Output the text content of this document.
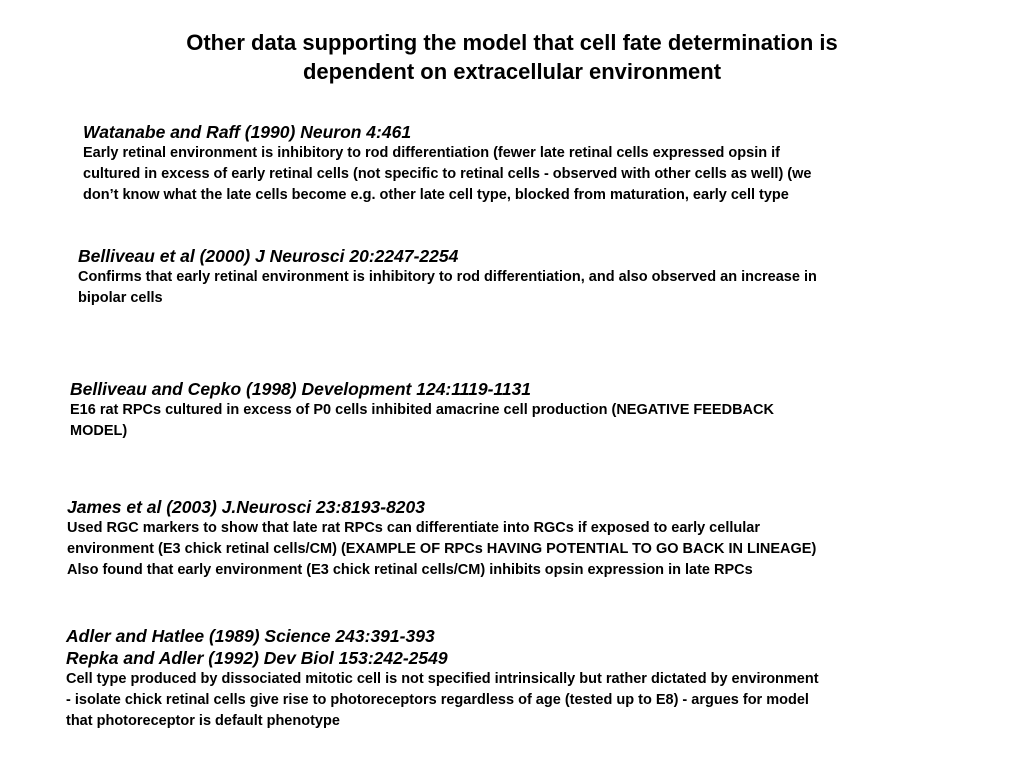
Other data supporting the model that cell fate determination is
dependent on extracellular environment
Watanabe and Raff (1990) Neuron 4:461
Early retinal environment is inhibitory to rod differentiation (fewer late retinal cells expressed opsin if
cultured in excess of early retinal cells (not specific to retinal cells - observed with other cells as well) (we
don’t know what the late cells become e.g. other late cell type, blocked from maturation, early cell type
Belliveau et al (2000) J Neurosci 20:2247-2254
Confirms that early retinal environment is inhibitory to rod differentiation, and also observed an increase in
bipolar cells
Belliveau and Cepko (1998) Development 124:1119-1131
E16 rat RPCs cultured in excess of P0 cells inhibited amacrine cell production (NEGATIVE FEEDBACK
MODEL)
James et al (2003) J.Neurosci 23:8193-8203
Used RGC markers to show that late rat RPCs can differentiate into RGCs if exposed to early cellular
environment (E3 chick retinal cells/CM) (EXAMPLE OF RPCs HAVING POTENTIAL TO GO BACK IN LINEAGE)
Also found that early environment (E3 chick retinal cells/CM) inhibits opsin expression in late RPCs
Adler and Hatlee (1989) Science 243:391-393
Repka and Adler (1992) Dev Biol 153:242-2549
Cell type produced by dissociated mitotic cell is not specified intrinsically but rather dictated by environment
- isolate chick retinal cells give rise to photoreceptors regardless of age (tested up to E8) - argues for model
that photoreceptor is default phenotype
